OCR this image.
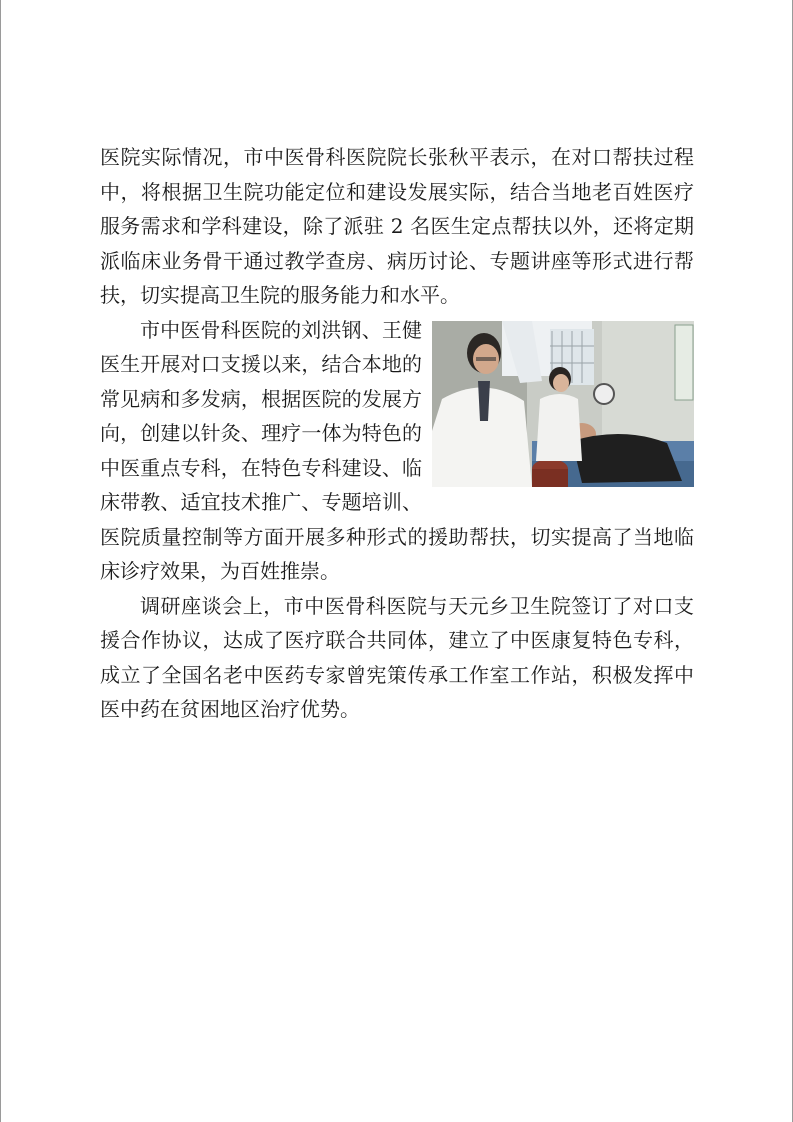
医院实际情况，市中医骨科医院院长张秋平表示，在对口帮扶过程中，将根据卫生院功能定位和建设发展实际，结合当地老百姓医疗服务需求和学科建设，除了派驻 2 名医生定点帮扶以外，还将定期派临床业务骨干通过教学查房、病历讨论、专题讲座等形式进行帮扶，切实提高卫生院的服务能力和水平。

市中医骨科医院的刘洪钢、王健医生开展对口支援以来，结合本地的常见病和多发病，根据医院的发展方向，创建以针灸、理疗一体为特色的中医重点专科，在特色专科建设、临床带教、适宜技术推广、专题培训、医院质量控制等方面开展多种形式的援助帮扶，切实提高了当地临床诊疗效果，为百姓推崇。

调研座谈会上，市中医骨科医院与天元乡卫生院签订了对口支援合作协议，达成了医疗联合共同体，建立了中医康复特色专科，成立了全国名老中医药专家曾宪策传承工作室工作站，积极发挥中医中药在贫困地区治疗优势。
